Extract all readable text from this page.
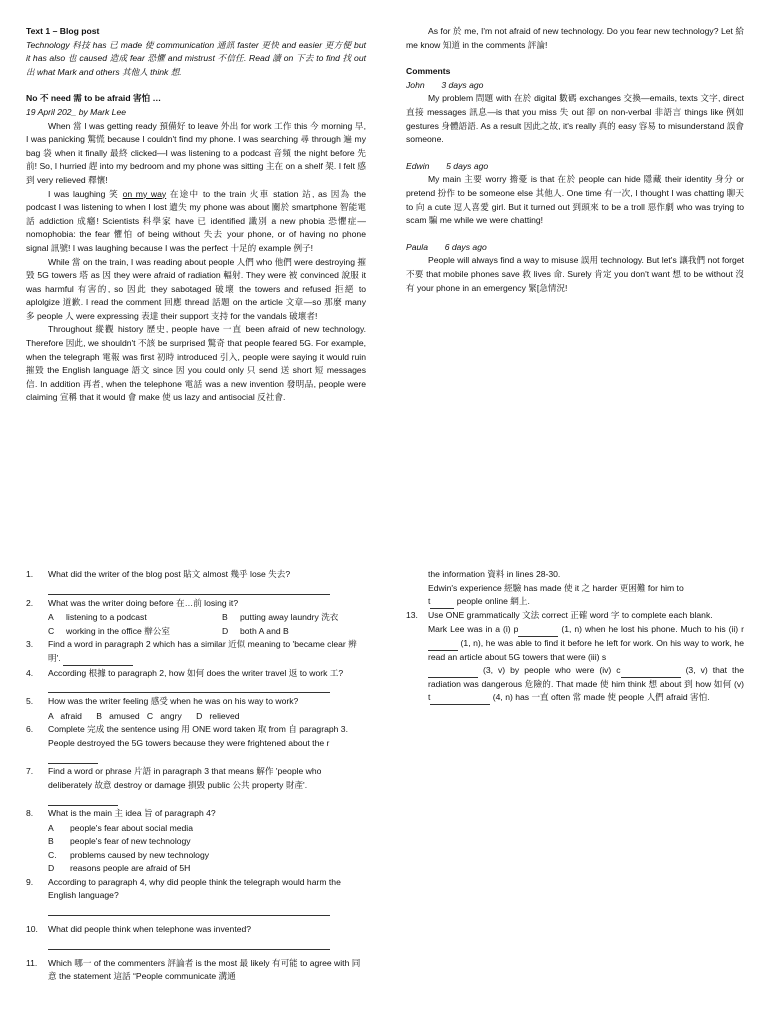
Text 1 – Blog post

Technology 科技 has 已 made 使 communication 通訊 faster 更快 and easier 更方便 but it has also 也 caused 造成 fear 恐懼 and mistrust 不信任. Read 讀 on 下去 to find 找 out 出 what Mark and others 其他人 think 想.

No 不 need 需 to be afraid 害怕 …

19 April 202_ by Mark Lee

When 當 I was getting ready 預備好 to leave 外出 for work 工作 this 今 morning 早, I was panicking 驚慌 because I couldn't find my phone. I was searching 尋 through 遍 my bag 袋 when it finally 最終 clicked—I was listening to a podcast 音頻 the night before 先前! So, I hurried 趕 into my bedroom and my phone was sitting 主在 on a shelf 架. I felt 感到 very relieved 釋懷!

I was laughing 笑 on my way 在途中 to the train 火車 station 站, as 因為 the podcast I was listening to when I lost 遺失 my phone was about 關於 smartphone 智能電話 addiction 成癮! Scientists 科學家 have 已 identified 識別 a new phobia 恐懼症—nomophobia: the fear 懼怕 of being without 失去 your phone, or of having no phone signal 訊號! I was laughing because I was the perfect 十足的 example 例子!

While 當 on the train, I was reading about people 人們 who 他們 were destroying 摧毀 5G towers 塔 as 因 they were afraid of radiation 輻射. They were 被 convinced 說服 it was harmful 有害的, so 因此 they sabotaged 破壞 the towers and refused 拒絕 to aplolgize 道歉. I read the comment 回應 thread 話題 on the article 文章—so 那麼 many 多 people 人 were expressing 表達 their support 支持 for the vandals 破壞者!

Throughout 縱觀 history 歷史, people have 一直 been afraid of new technology. Therefore 因此, we shouldn't 不該 be surprised 驚奇 that people feared 5G. For example, when the telegraph 電報 was first 初時 introduced 引入, people were saying it would ruin 摧毀 the English language 語文 since 因 you could only 只 send 送 short 短 messages 信. In addition 再者, when the telephone 電話 was a new invention 發明品, people were claiming 宣稱 that it would 會 make 使 us lazy and antisocial 反社會.

As for 於 me, I'm not afraid of new technology. Do you fear new technology? Let 給 me know 知道 in the comments 評論!

Comments

John 3 days ago

My problem 問題 with 在於 digital 數碼 exchanges 交換—emails, texts 文字, direct 直接 messages 訊息—is that you miss 失 out 卻 on non-verbal 非語言 things like 例如 gestures 身體語語. As a result 因此之故, it's really 真的 easy 容易 to misunderstand 誤會 someone.

Edwin 5 days ago

My main 主要 worry 擔憂 is that 在於 people can hide 隱藏 their identity 身分 or pretend 扮作 to be someone else 其他人. One time 有一次, I thought I was chatting 聊天 to 向 a cute 逗人喜愛 girl. But it turned out 到頭來 to be a troll 惡作劇 who was trying to scam 騙 me while we were chatting!

Paula 6 days ago

People will always find a way to misuse 誤用 technology. But let's 讓我們 not forget 不要 that mobile phones save 救 lives 命. Surely 肯定 you don't want 想 to be without 沒有 your phone in an emergency 緊[急情況!

1.	What did the writer of the blog post 貼文 almost 幾乎 lose 失去?
2.	What was the writer doing before 在…前 losing it?
A	listening to a podcast	B	putting away laundry 洗衣
C	working in the office 辦公室	D	both A and B
3.	Find a word in paragraph 2 which has a similar 近似 meaning to 'became clear 辨明'.
4.	According 根據 to paragraph 2, how 如何 does the writer travel 返 to work 工?
5.	How was the writer feeling 感受 when he was on his way to work?

A   afraid      B   amused   C   angry      D   relieved

6.	Complete 完成 the sentence using 用 ONE word taken 取 from 自 paragraph 3.
People destroyed the 5G towers because they were frightened about the r
7.	Find a word or phrase 片語 in paragraph 3 that means 解作 'people who deliberately 故意 destroy or damage 損毀 public 公共 property 財產'.
8.	What is the main 主 idea 旨 of paragraph 4?
A	people's fear about social media
B	people's fear of new technology
C.	problems caused by new technology
D	reasons people are afraid of 5H
9.	According to paragraph 4, why did people think the telegraph would harm the English language?
10.	What did people think when telephone was invented?
11.	Which 哪一 of the commenters 評論者 is the most 最 likely 有可能 to agree with 同意 the statement 這話 “People communicate 溝通

the information 資料 in lines 28-30.

Edwin's experience 經驗 has made 使 it 之 harder 更困難 for him to

t	people online 網上.

13.	Use ONE grammatically 文法 correct 正確 word 字 to complete each blank.

Mark Lee was in a (i) p	(1, n) when he lost his phone. Much to his (ii) r (1, n), he was able to find it before he left for work. On his way to work, he read an article about 5G towers that were (iii) s
(3, v) by people who were (iv) c	(3, v) that the radiation was dangerous 危險的. That made 使 him think 想 about 到 how 如何 (v) t	(4, n) has 一直 often 常 made 使 people 人們 afraid 害怕.
